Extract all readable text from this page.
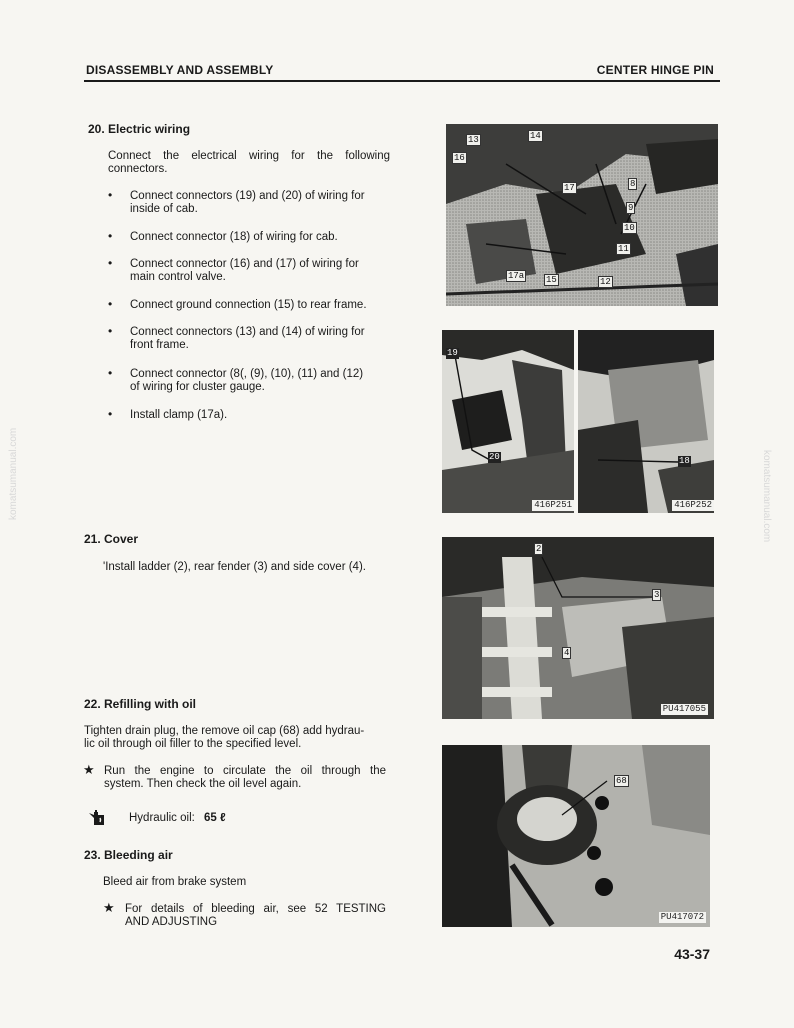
DISASSEMBLY AND ASSEMBLY	CENTER HINGE PIN
komatsumanual.com	komatsumanual.com
20. Electric wiring
Connect the electrical wiring for the following
connectors.
• Connect connectors (19) and (20) of wiring for
inside of cab.
• Connect connector (18) of wiring for cab.
• Connect connector (16) and (17) of wiring for
main control valve.
• Connect ground connection (15) to rear frame.
• Connect connectors (13) and (14) of wiring for
front frame.
• Connect connector (8(, (9), (10), (11) and (12)
of wiring for cluster gauge.
• Install clamp (17a).
21. Cover
'Install ladder (2), rear fender (3) and side cover (4).
22. Refilling with oil
Tighten drain plug, the remove oil cap (68) add hydrau-
lic oil through oil filler to the specified level.
★ Run the engine to circulate the oil through the
system. Then check the oil level again.
Hydraulic oil: 65 ℓ
23. Bleeding air
Bleed air from brake system
★ For details of bleeding air, see 52 TESTING
AND ADJUSTING
13	14
16
8
9
10
11
12
15
17a
17
19
20
416P251
18
416P252
2
3
4
PU417055
68
PU417072
43-37
